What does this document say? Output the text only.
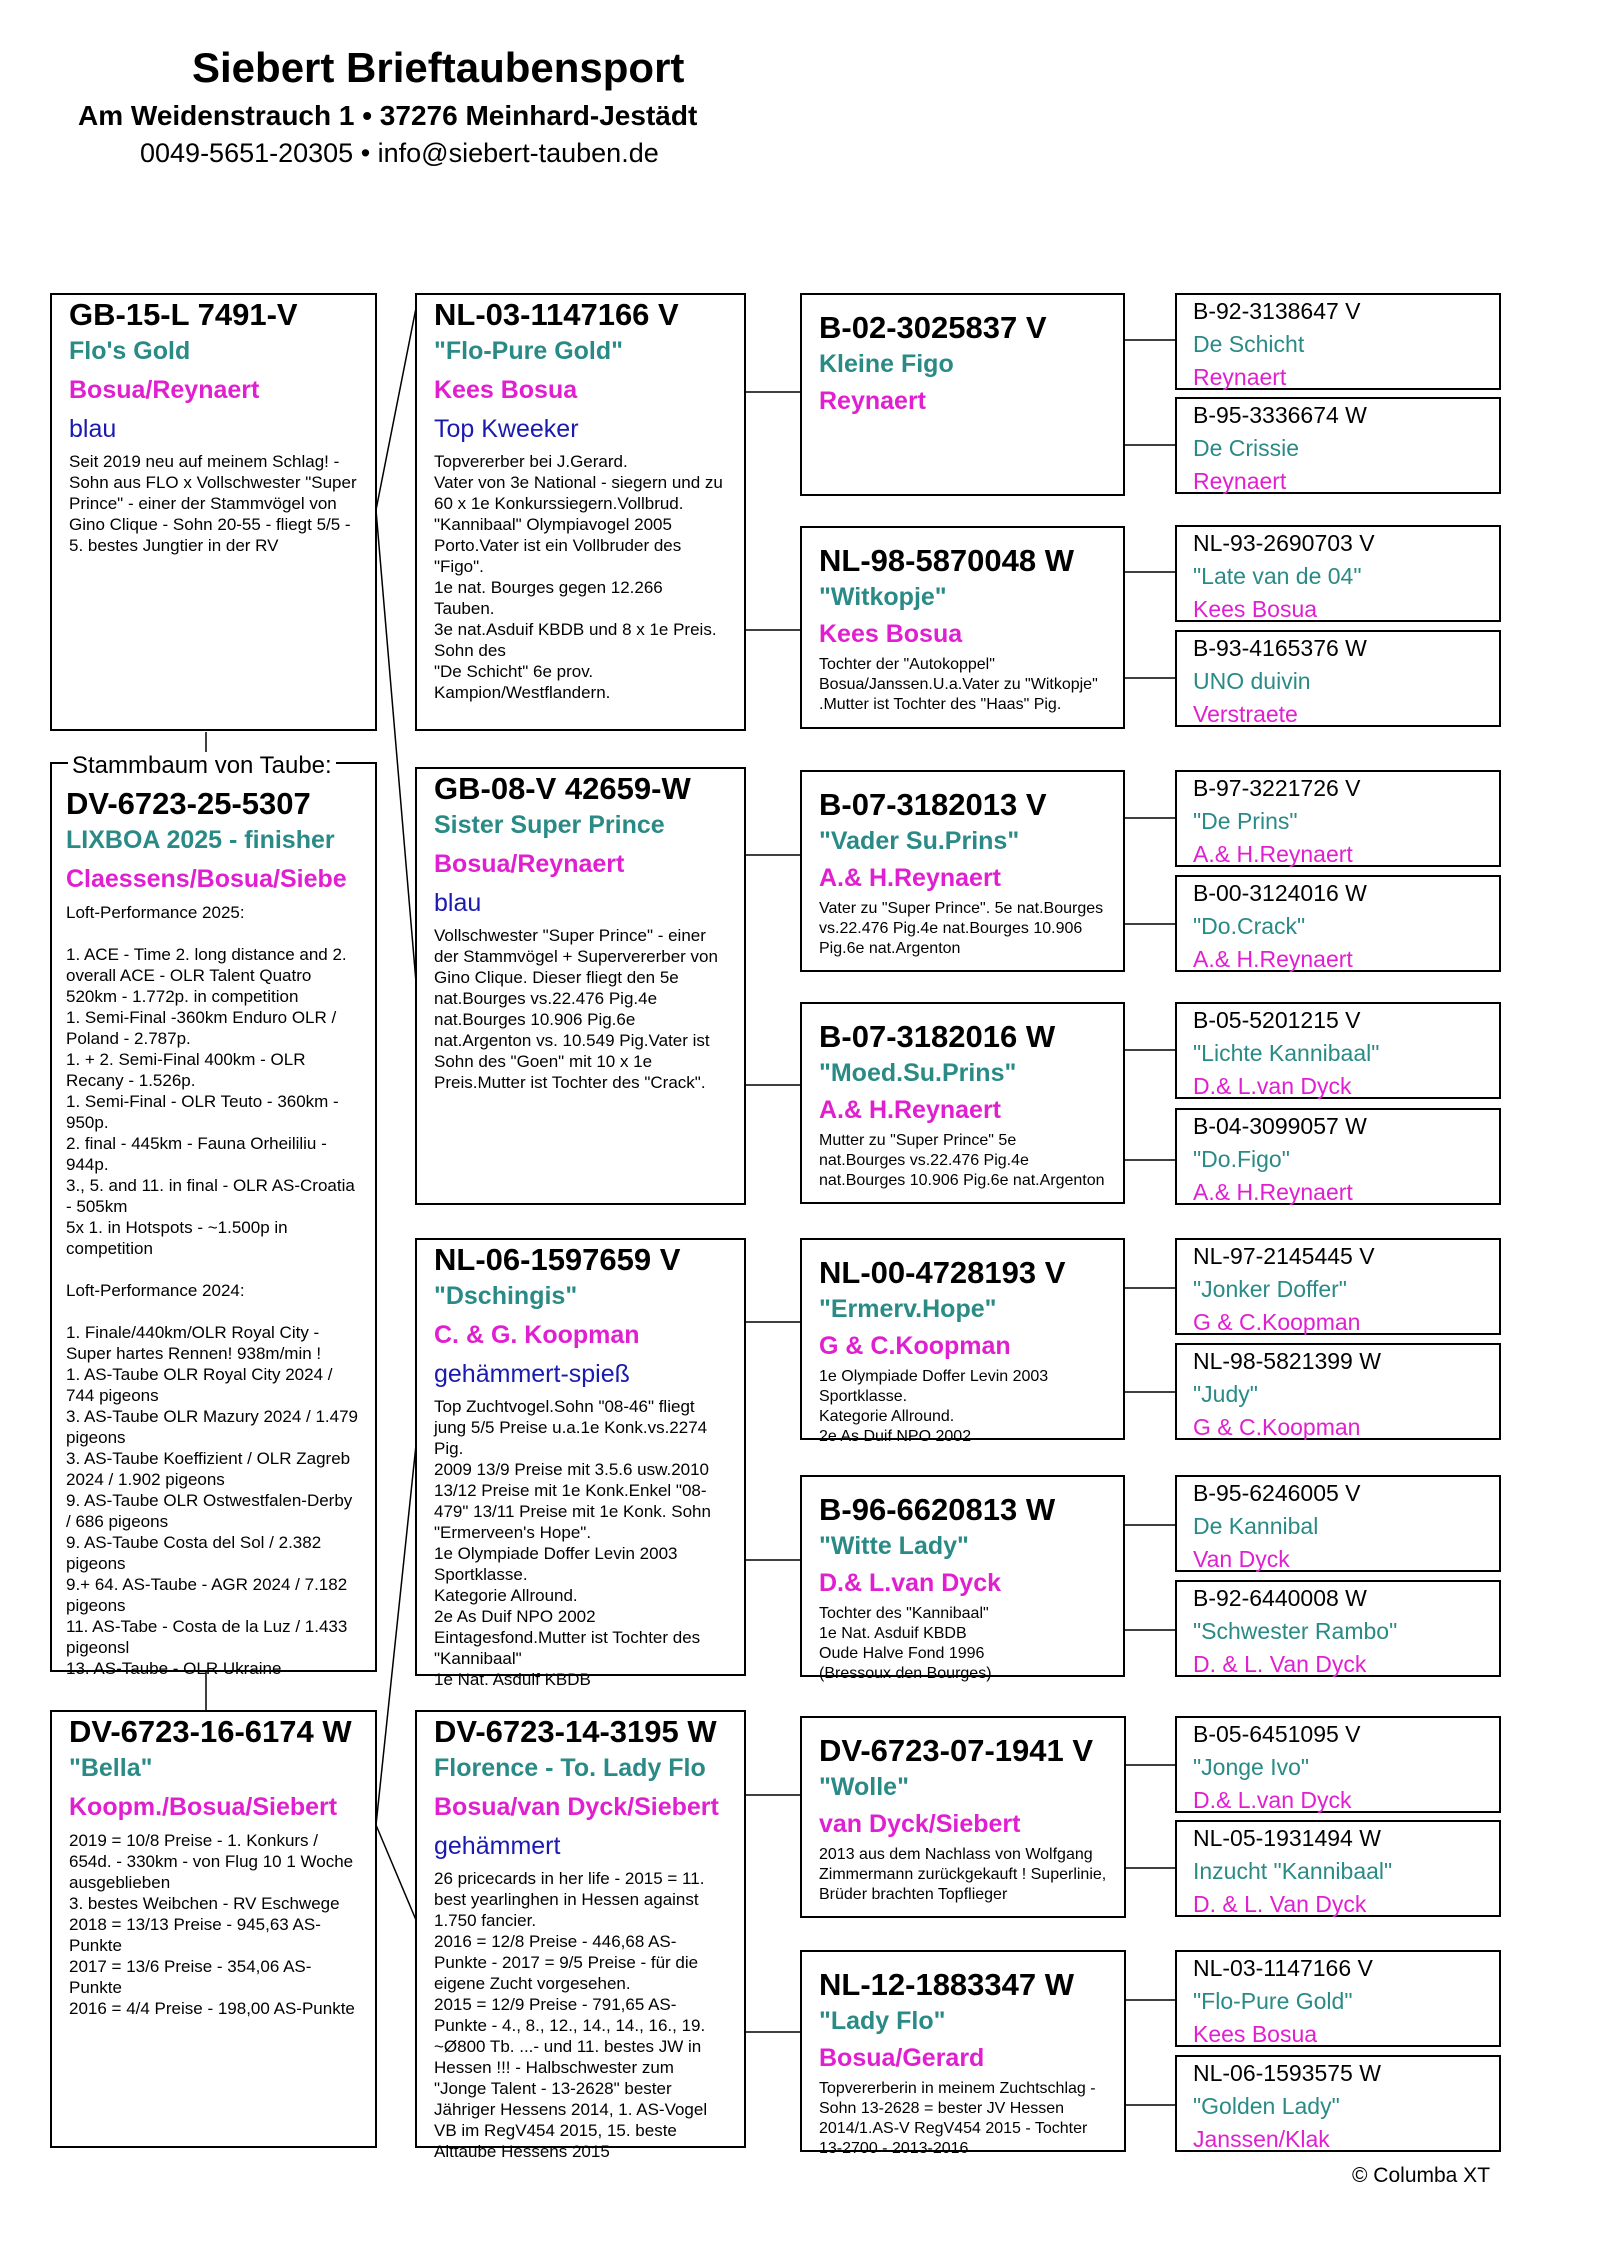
Siebert Brieftaubensport
Am Weidenstrauch 1 • 37276 Meinhard-Jestädt
0049-5651-20305 • info@siebert-tauben.de
GB-15-L 7491-V
Flo's Gold
Bosua/Reynaert
blau
Seit 2019 neu auf meinem Schlag! - Sohn aus FLO x Vollschwester "Super Prince" - einer der Stammvögel von Gino Clique - Sohn 20-55 - fliegt 5/5 - 5. bestes Jungtier in der RV
DV-6723-25-5307
LIXBOA 2025 - finisher
Claessens/Bosua/Siebe
Loft-Performance 2025:

1. ACE - Time 2. long distance and 2. overall ACE - OLR Talent Quatro 520km - 1.772p. in competition
1. Semi-Final -360km Enduro OLR / Poland - 2.787p.
1. + 2. Semi-Final 400km - OLR Recany - 1.526p.
1. Semi-Final - OLR Teuto - 360km - 950p.
2. final - 445km - Fauna Orheililiu - 944p.
3., 5. and 11. in final - OLR AS-Croatia - 505km
5x 1. in Hotspots - ~1.500p in competition

Loft-Performance 2024:

1. Finale/440km/OLR Royal City - Super hartes Rennen! 938m/min !
1. AS-Taube OLR Royal City 2024 / 744 pigeons
3. AS-Taube OLR Mazury 2024 / 1.479 pigeons
3. AS-Taube Koeffizient / OLR Zagreb 2024 / 1.902 pigeons
9. AS-Taube OLR Ostwestfalen-Derby / 686 pigeons
9. AS-Taube Costa del Sol / 2.382 pigeons
9.+ 64. AS-Taube - AGR 2024 / 7.182 pigeons
11. AS-Tabe - Costa de la Luz / 1.433 pigeonsl
13. AS-Taube - OLR Ukraine
Stammbaum von Taube:
DV-6723-16-6174 W
"Bella"
Koopm./Bosua/Siebert
2019 = 10/8 Preise - 1. Konkurs / 654d. - 330km - von Flug 10 1 Woche ausgeblieben
3. bestes Weibchen - RV Eschwege
2018 = 13/13 Preise - 945,63 AS-Punkte
2017 = 13/6 Preise - 354,06 AS-Punkte
2016 = 4/4 Preise - 198,00 AS-Punkte
NL-03-1147166 V
"Flo-Pure Gold"
Kees Bosua
Top Kweeker
Topvererber bei J.Gerard.
Vater von 3e National - siegern und zu 60 x 1e Konkurssiegern.Vollbrud. "Kannibaal" Olympiavogel 2005 Porto.Vater ist ein Vollbruder des "Figo".
1e nat. Bourges gegen 12.266 Tauben.
3e nat.Asduif KBDB und 8 x 1e Preis. Sohn des
"De Schicht" 6e prov. Kampion/Westflandern.
GB-08-V 42659-W
Sister Super Prince
Bosua/Reynaert
blau
Vollschwester "Super Prince" - einer der Stammvögel + Supervererber von Gino Clique. Dieser fliegt den 5e nat.Bourges vs.22.476 Pig.4e nat.Bourges 10.906 Pig.6e nat.Argenton vs. 10.549 Pig.Vater ist Sohn des "Goen" mit 10 x 1e Preis.Mutter ist Tochter des "Crack".
NL-06-1597659 V
"Dschingis"
C. & G. Koopman
gehämmert-spieß
Top Zuchtvogel.Sohn "08-46" fliegt jung 5/5 Preise u.a.1e Konk.vs.2274 Pig.
2009 13/9 Preise mit 3.5.6 usw.2010 13/12 Preise mit 1e Konk.Enkel "08-479" 13/11 Preise mit 1e Konk. Sohn "Ermerveen's Hope".
1e Olympiade Doffer Levin 2003 Sportklasse.
Kategorie Allround.
2e As Duif NPO 2002 Eintagesfond.Mutter ist Tochter des "Kannibaal"
1e Nat. Asduif KBDB
DV-6723-14-3195 W
Florence - To. Lady Flo
Bosua/van Dyck/Siebert
gehämmert
26 pricecards in her life - 2015 = 11. best yearlinghen in Hessen against 1.750 fancier.
2016 = 12/8 Preise - 446,68 AS-Punkte - 2017 = 9/5 Preise - für die eigene Zucht vorgesehen.
2015 = 12/9 Preise - 791,65 AS-Punkte - 4., 8., 12., 14., 14., 16., 19. ~Ø800 Tb. ...- und 11. bestes JW in Hessen !!! - Halbschwester zum "Jonge Talent - 13-2628" bester Jähriger Hessens 2014, 1. AS-Vogel VB im RegV454 2015, 15. beste Alttaube Hessens 2015
B-02-3025837 V
Kleine Figo
Reynaert
NL-98-5870048 W
"Witkopje"
Kees Bosua
Tochter der "Autokoppel" Bosua/Janssen.U.a.Vater zu "Witkopje" .Mutter ist Tochter des "Haas" Pig.
B-07-3182013 V
"Vader Su.Prins"
A.& H.Reynaert
Vater zu "Super Prince". 5e nat.Bourges vs.22.476 Pig.4e nat.Bourges 10.906 Pig.6e nat.Argenton
B-07-3182016 W
"Moed.Su.Prins"
A.& H.Reynaert
Mutter zu "Super Prince" 5e nat.Bourges vs.22.476 Pig.4e nat.Bourges 10.906 Pig.6e nat.Argenton
NL-00-4728193 V
"Ermerv.Hope"
G & C.Koopman
1e Olympiade Doffer Levin 2003 Sportklasse.
Kategorie Allround.
2e As Duif NPO 2002
B-96-6620813 W
"Witte Lady"
D.& L.van Dyck
Tochter des "Kannibaal"
1e Nat. Asduif KBDB
Oude Halve Fond 1996
(Bressoux den Bourges)
DV-6723-07-1941 V
"Wolle"
van Dyck/Siebert
2013 aus dem Nachlass von Wolfgang Zimmermann zurückgekauft ! Superlinie, Brüder brachten Topflieger
NL-12-1883347 W
"Lady Flo"
Bosua/Gerard
Topvererberin in meinem Zuchtschlag - Sohn 13-2628 = bester JV Hessen 2014/1.AS-V RegV454 2015 - Tochter 13-2700 - 2013-2016
B-92-3138647 V
De Schicht
Reynaert
B-95-3336674 W
De Crissie
Reynaert
NL-93-2690703 V
"Late van de 04"
Kees Bosua
B-93-4165376 W
UNO duivin
Verstraete
B-97-3221726 V
"De Prins"
A.& H.Reynaert
B-00-3124016 W
"Do.Crack"
A.& H.Reynaert
B-05-5201215 V
"Lichte Kannibaal"
D.& L.van Dyck
B-04-3099057 W
"Do.Figo"
A.& H.Reynaert
NL-97-2145445 V
"Jonker Doffer"
G & C.Koopman
NL-98-5821399 W
"Judy"
G & C.Koopman
B-95-6246005 V
De Kannibal
Van Dyck
B-92-6440008 W
"Schwester Rambo"
D. & L. Van Dyck
B-05-6451095 V
"Jonge Ivo"
D.& L.van Dyck
NL-05-1931494 W
Inzucht "Kannibaal"
D. & L. Van Dyck
NL-03-1147166 V
"Flo-Pure Gold"
Kees Bosua
NL-06-1593575 W
"Golden Lady"
Janssen/Klak
© Columba XT
